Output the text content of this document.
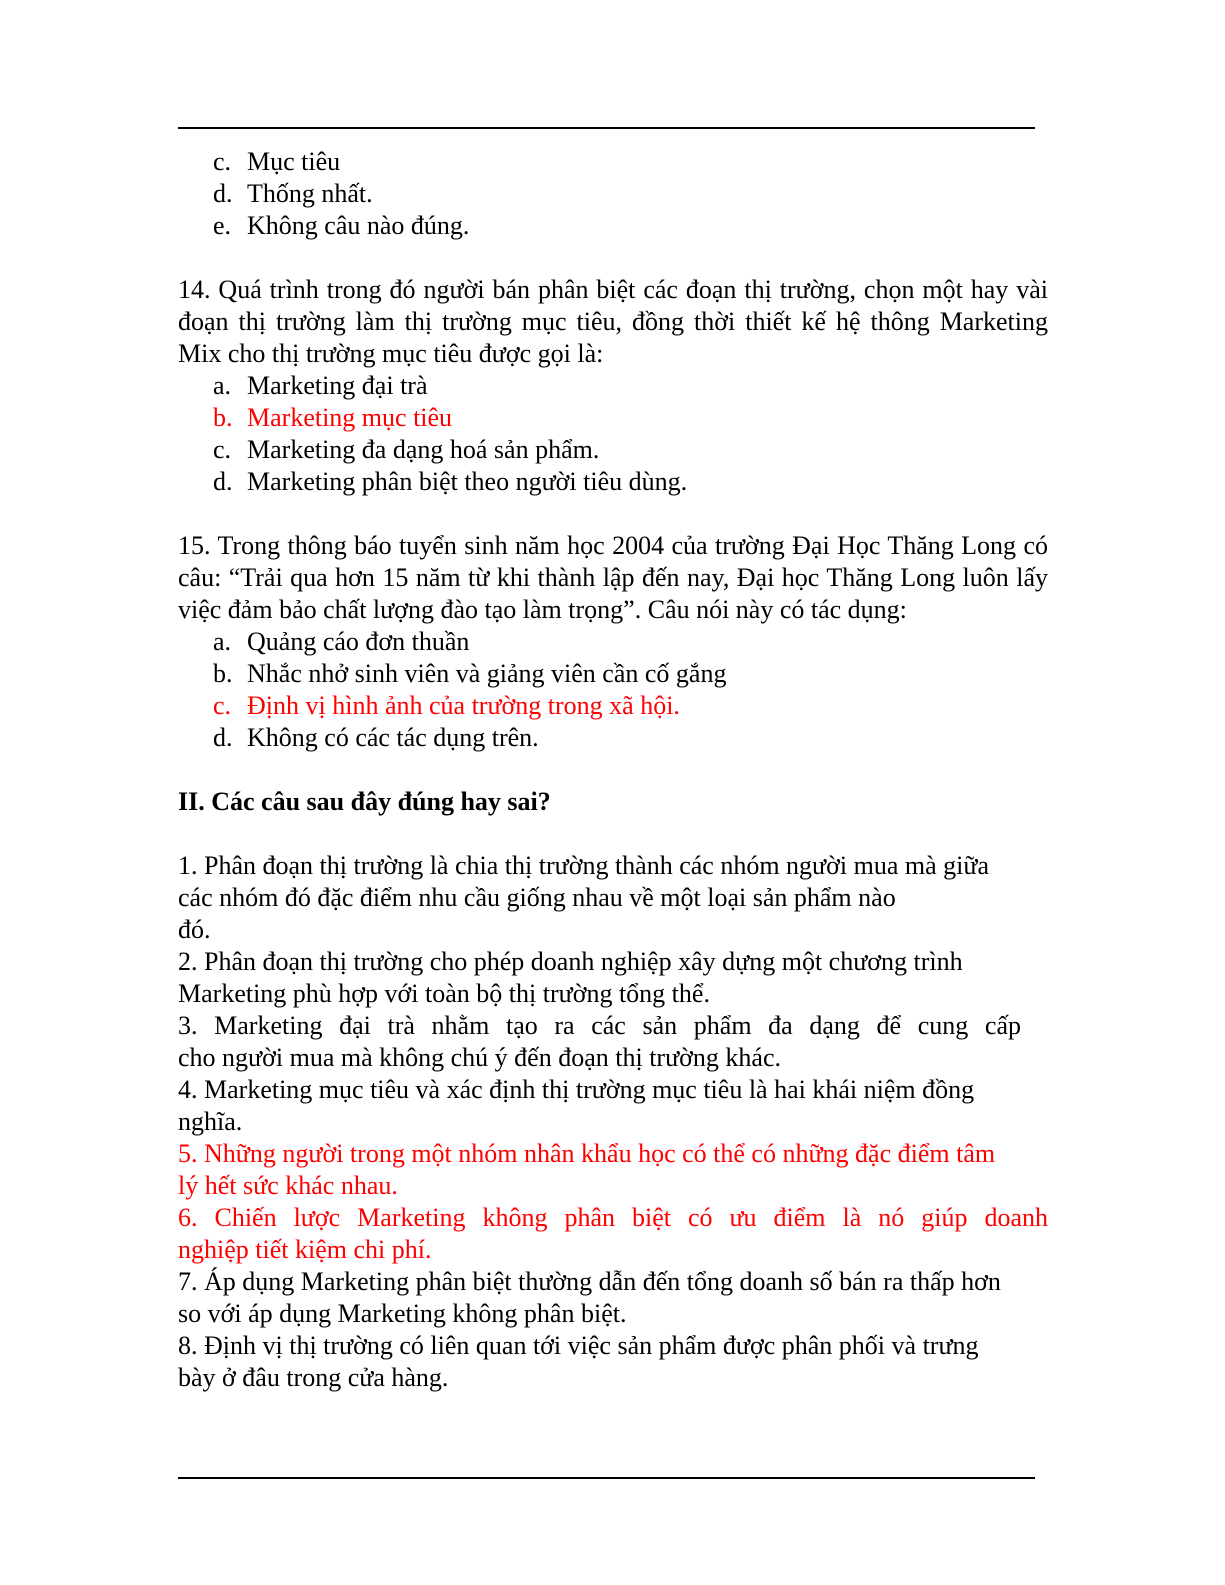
c. Mục tiêu
d. Thống nhất.
e. Không câu nào đúng.
14. Quá trình trong đó người bán phân biệt các đoạn thị trường, chọn một hay vài đoạn thị trường làm thị trường mục tiêu, đồng thời thiết kế hệ thông Marketing Mix cho thị trường mục tiêu được gọi là:
a. Marketing đại trà
b. Marketing mục tiêu
c. Marketing đa dạng hoá sản phẩm.
d. Marketing phân biệt theo người tiêu dùng.
15. Trong thông báo tuyển sinh năm học 2004 của trường Đại Học Thăng Long có câu: “Trải qua hơn 15 năm từ khi thành lập đến nay, Đại học Thăng Long luôn lấy việc đảm bảo chất lượng đào tạo làm trọng”. Câu nói này có tác dụng:
a. Quảng cáo đơn thuần
b. Nhắc nhở sinh viên và giảng viên cần cố gắng
c. Định vị hình ảnh của trường trong xã hội.
d. Không có các tác dụng trên.
II. Các câu sau đây đúng hay sai?
1. Phân đoạn thị trường là chia thị trường thành các nhóm người mua mà giữa
các nhóm đó đặc điểm nhu cầu giống nhau về một loại sản phẩm nào
đó.
2. Phân đoạn thị trường cho phép doanh nghiệp xây dựng một chương trình
Marketing phù hợp với toàn bộ thị trường tổng thể.
3. Marketing đại trà nhằm tạo ra các sản phẩm đa dạng để cung cấp
cho người mua mà không chú ý đến đoạn thị trường khác.
4. Marketing mục tiêu và xác định thị trường mục tiêu là hai khái niệm đồng
nghĩa.
5. Những người trong một nhóm nhân khẩu học có thể có những đặc điểm tâm
lý hết sức khác nhau.
6. Chiến lược Marketing không phân biệt có ưu điểm là nó giúp doanh
nghiệp tiết kiệm chi phí.
7. Áp dụng Marketing phân biệt thường dẫn đến tổng doanh số bán ra thấp hơn
so với áp dụng Marketing không phân biệt.
8. Định vị thị trường có liên quan tới việc sản phẩm được phân phối và trưng
bày ở đâu trong cửa hàng.
